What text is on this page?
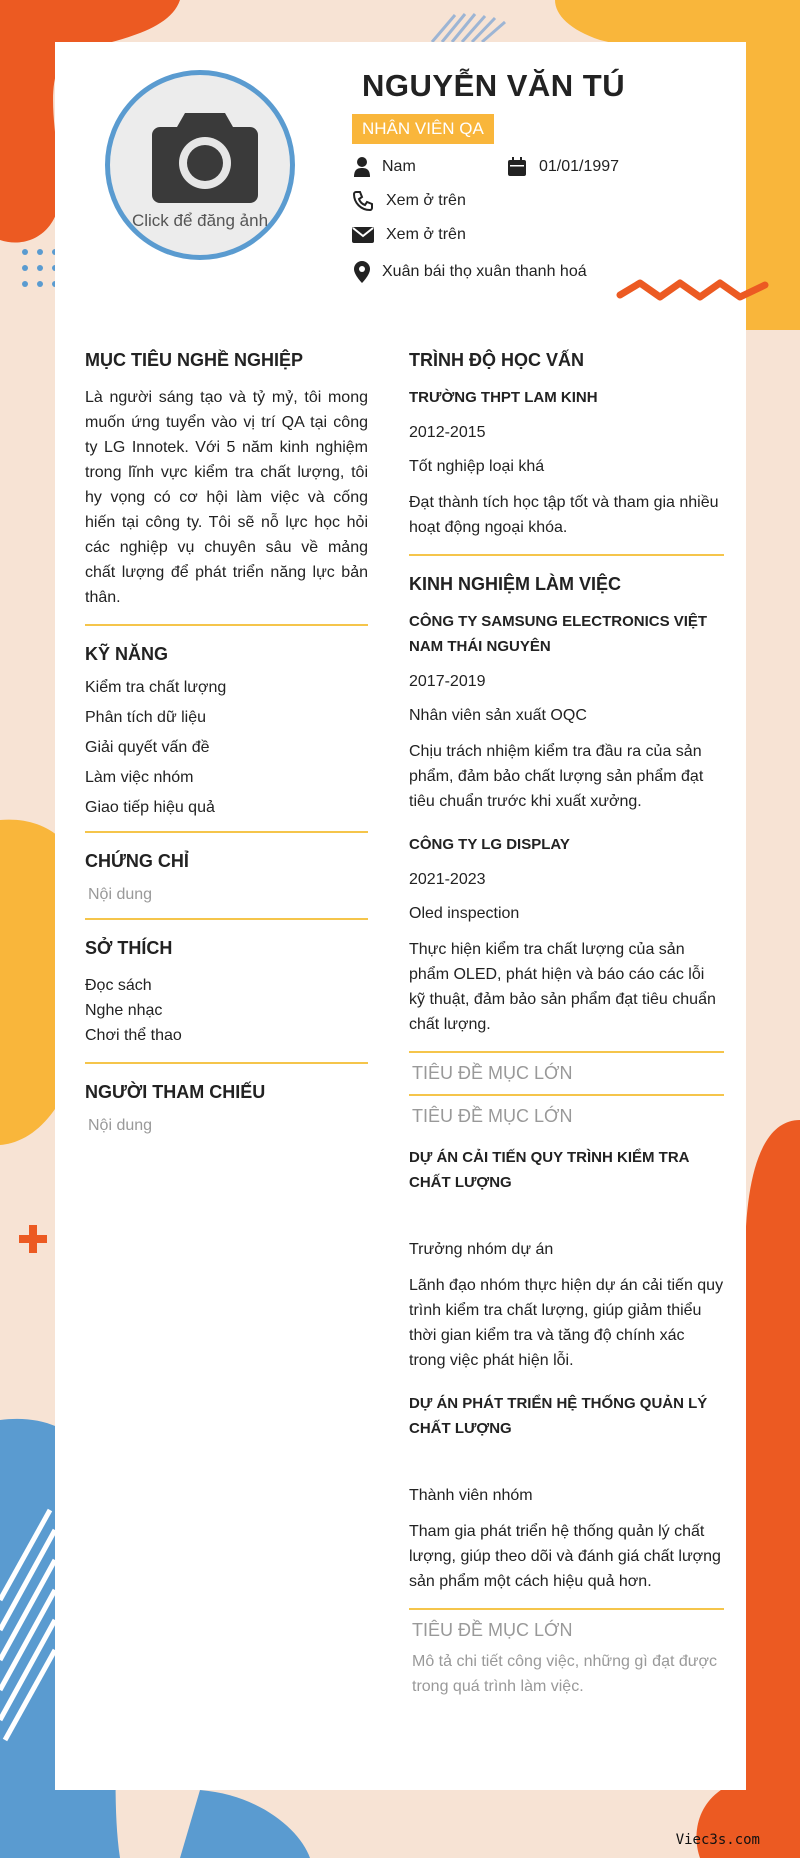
Click để đăng ảnh
NGUYỄN VĂN TÚ
NHÂN VIÊN QA
Nam	01/01/1997
Xem ở trên
Xem ở trên
Xuân bái thọ xuân thanh hoá
MỤC TIÊU NGHỀ NGHIỆP

Là người sáng tạo và tỷ mỷ, tôi mong muốn ứng tuyển vào vị trí QA tại công ty LG Innotek. Với 5 năm kinh nghiệm trong lĩnh vực kiểm tra chất lượng, tôi hy vọng có cơ hội làm việc và cống hiến tại công ty. Tôi sẽ nỗ lực học hỏi các nghiệp vụ chuyên sâu về mảng chất lượng để phát triển năng lực bản thân.

KỸ NĂNG
Kiểm tra chất lượng
Phân tích dữ liệu
Giải quyết vấn đề
Làm việc nhóm
Giao tiếp hiệu quả
CHỨNG CHỈ
Nội dung
SỞ THÍCH
Đọc sách
Nghe nhạc
Chơi thể thao
NGƯỜI THAM CHIẾU
Nội dung
TRÌNH ĐỘ HỌC VẤN
TRƯỜNG THPT LAM KINH
2012-2015
Tốt nghiệp loại khá
Đạt thành tích học tập tốt và tham gia nhiều hoạt động ngoại khóa.
KINH NGHIỆM LÀM VIỆC
CÔNG TY SAMSUNG ELECTRONICS VIỆT NAM THÁI NGUYÊN
2017-2019
Nhân viên sản xuất OQC
Chịu trách nhiệm kiểm tra đầu ra của sản phẩm, đảm bảo chất lượng sản phẩm đạt tiêu chuẩn trước khi xuất xưởng.
CÔNG TY LG DISPLAY
2021-2023
Oled inspection
Thực hiện kiểm tra chất lượng của sản phẩm OLED, phát hiện và báo cáo các lỗi kỹ thuật, đảm bảo sản phẩm đạt tiêu chuẩn chất lượng.
TIÊU ĐỀ MỤC LỚN
TIÊU ĐỀ MỤC LỚN
DỰ ÁN CẢI TIẾN QUY TRÌNH KIỂM TRA CHẤT LƯỢNG
Trưởng nhóm dự án
Lãnh đạo nhóm thực hiện dự án cải tiến quy trình kiểm tra chất lượng, giúp giảm thiểu thời gian kiểm tra và tăng độ chính xác trong việc phát hiện lỗi.
DỰ ÁN PHÁT TRIỂN HỆ THỐNG QUẢN LÝ CHẤT LƯỢNG
Thành viên nhóm
Tham gia phát triển hệ thống quản lý chất lượng, giúp theo dõi và đánh giá chất lượng sản phẩm một cách hiệu quả hơn.
TIÊU ĐỀ MỤC LỚN
Mô tả chi tiết công việc, những gì đạt được trong quá trình làm việc.
Viec3s.com
